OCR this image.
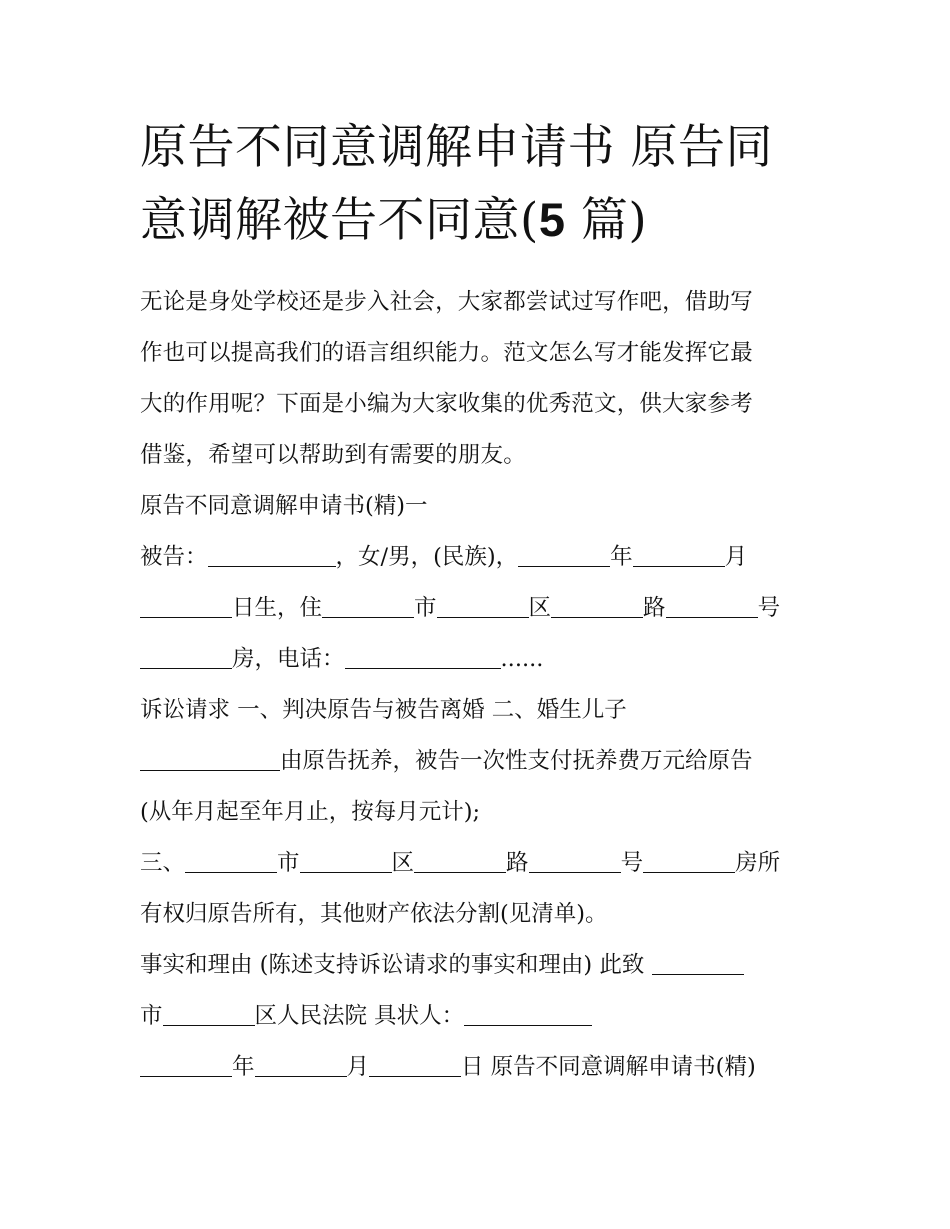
原告不同意调解申请书 原告同意调解被告不同意(5 篇)

无论是身处学校还是步入社会，大家都尝试过写作吧，借助写

作也可以提高我们的语言组织能力。范文怎么写才能发挥它最

大的作用呢？下面是小编为大家收集的优秀范文，供大家参考

借鉴，希望可以帮助到有需要的朋友。

原告不同意调解申请书(精)一

被告：	，女/男，(民族)，	年	月

日生，住	市	区	路	号

房，电话：	......

诉讼请求 一、判决原告与被告离婚 二、婚生儿子

由原告抚养，被告一次性支付抚养费万元给原告

(从年月起至年月止，按每月元计);

三、	市	区	路	号	房所

有权归原告所有，其他财产依法分割(见清单)。

事实和理由 (陈述支持诉讼请求的事实和理由) 此致

市	区人民法院 具状人：

年	月	日 原告不同意调解申请书(精)
